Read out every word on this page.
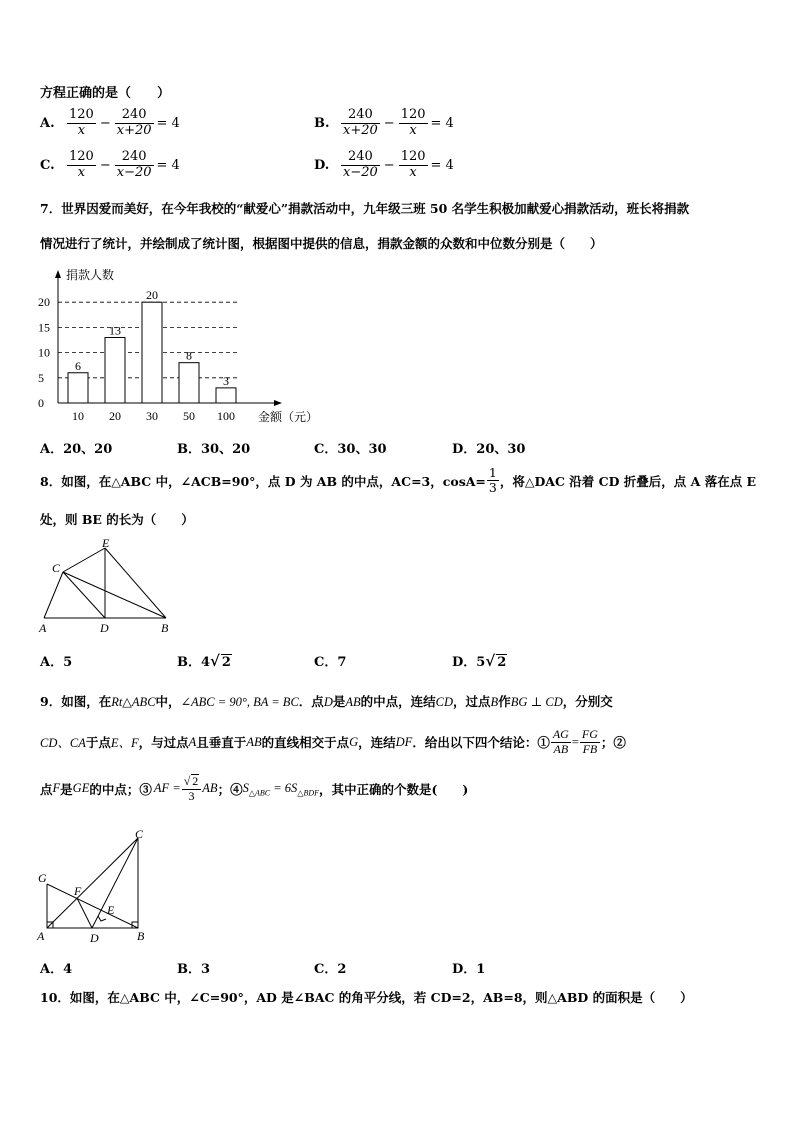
方程正确的是（　　）
A. $\frac{120}{x} - \frac{240}{x+20} = 4$	B. $\frac{240}{x+20} - \frac{120}{x} = 4$
C. $\frac{120}{x} - \frac{240}{x-20} = 4$	D. $\frac{240}{x-20} - \frac{120}{x} = 4$
7．世界因爱而美好，在今年我校的“献爱心”捐款活动中，九年级三班 50 名学生积极加献爱心捐款活动，班长将捐款
情况进行了统计，并绘制成了统计图，根据图中提供的信息，捐款金额的众数和中位数分别是（　　）
0
5
10
15
20
6
10
13
20
20
30
8
50
3
100
捐款人数
金额（元）
A．20、20	B．30、20	C．30、30	D．20、30
8．如图，在△ABC 中，∠ACB=90°，点 D 为 AB 的中点，AC=3，$\cos A= \frac{1}{3}$ ，将△DAC 沿着 CD 折叠后，点 A 落在点 E
处，则 BE 的长为（　　）
A	B
C
D
E
A．5	B．4√ 2	C．7	D．5√ 2
9．如图，在Rt△ABC中，∠ABC = 90°, BA = BC．点D是AB的中点，连结CD，过点B作BG ⊥ CD，分别交
CD、CA 于点 E、F ，与过点 A 且垂直于 AB 的直线相交于点 G ，连结 DF ．给出以下四个结论：① $\frac{AG}{AB} = \frac{FG}{FB}$ ；②
点 F 是 GE 的中点；③ AF = $\frac{√ 2}{3}$ AB ；④ $S_{\triangle ABC} = 6S_{\triangle BDF}$ ，其中正确的个数是(　　)
G
F
C
E
A	D	B
A．4	B．3	C．2	D．1
10．如图，在△ABC 中，∠C=90°，AD 是∠BAC 的角平分线，若 CD=2，AB=8，则△ABD 的面积是（　　）
